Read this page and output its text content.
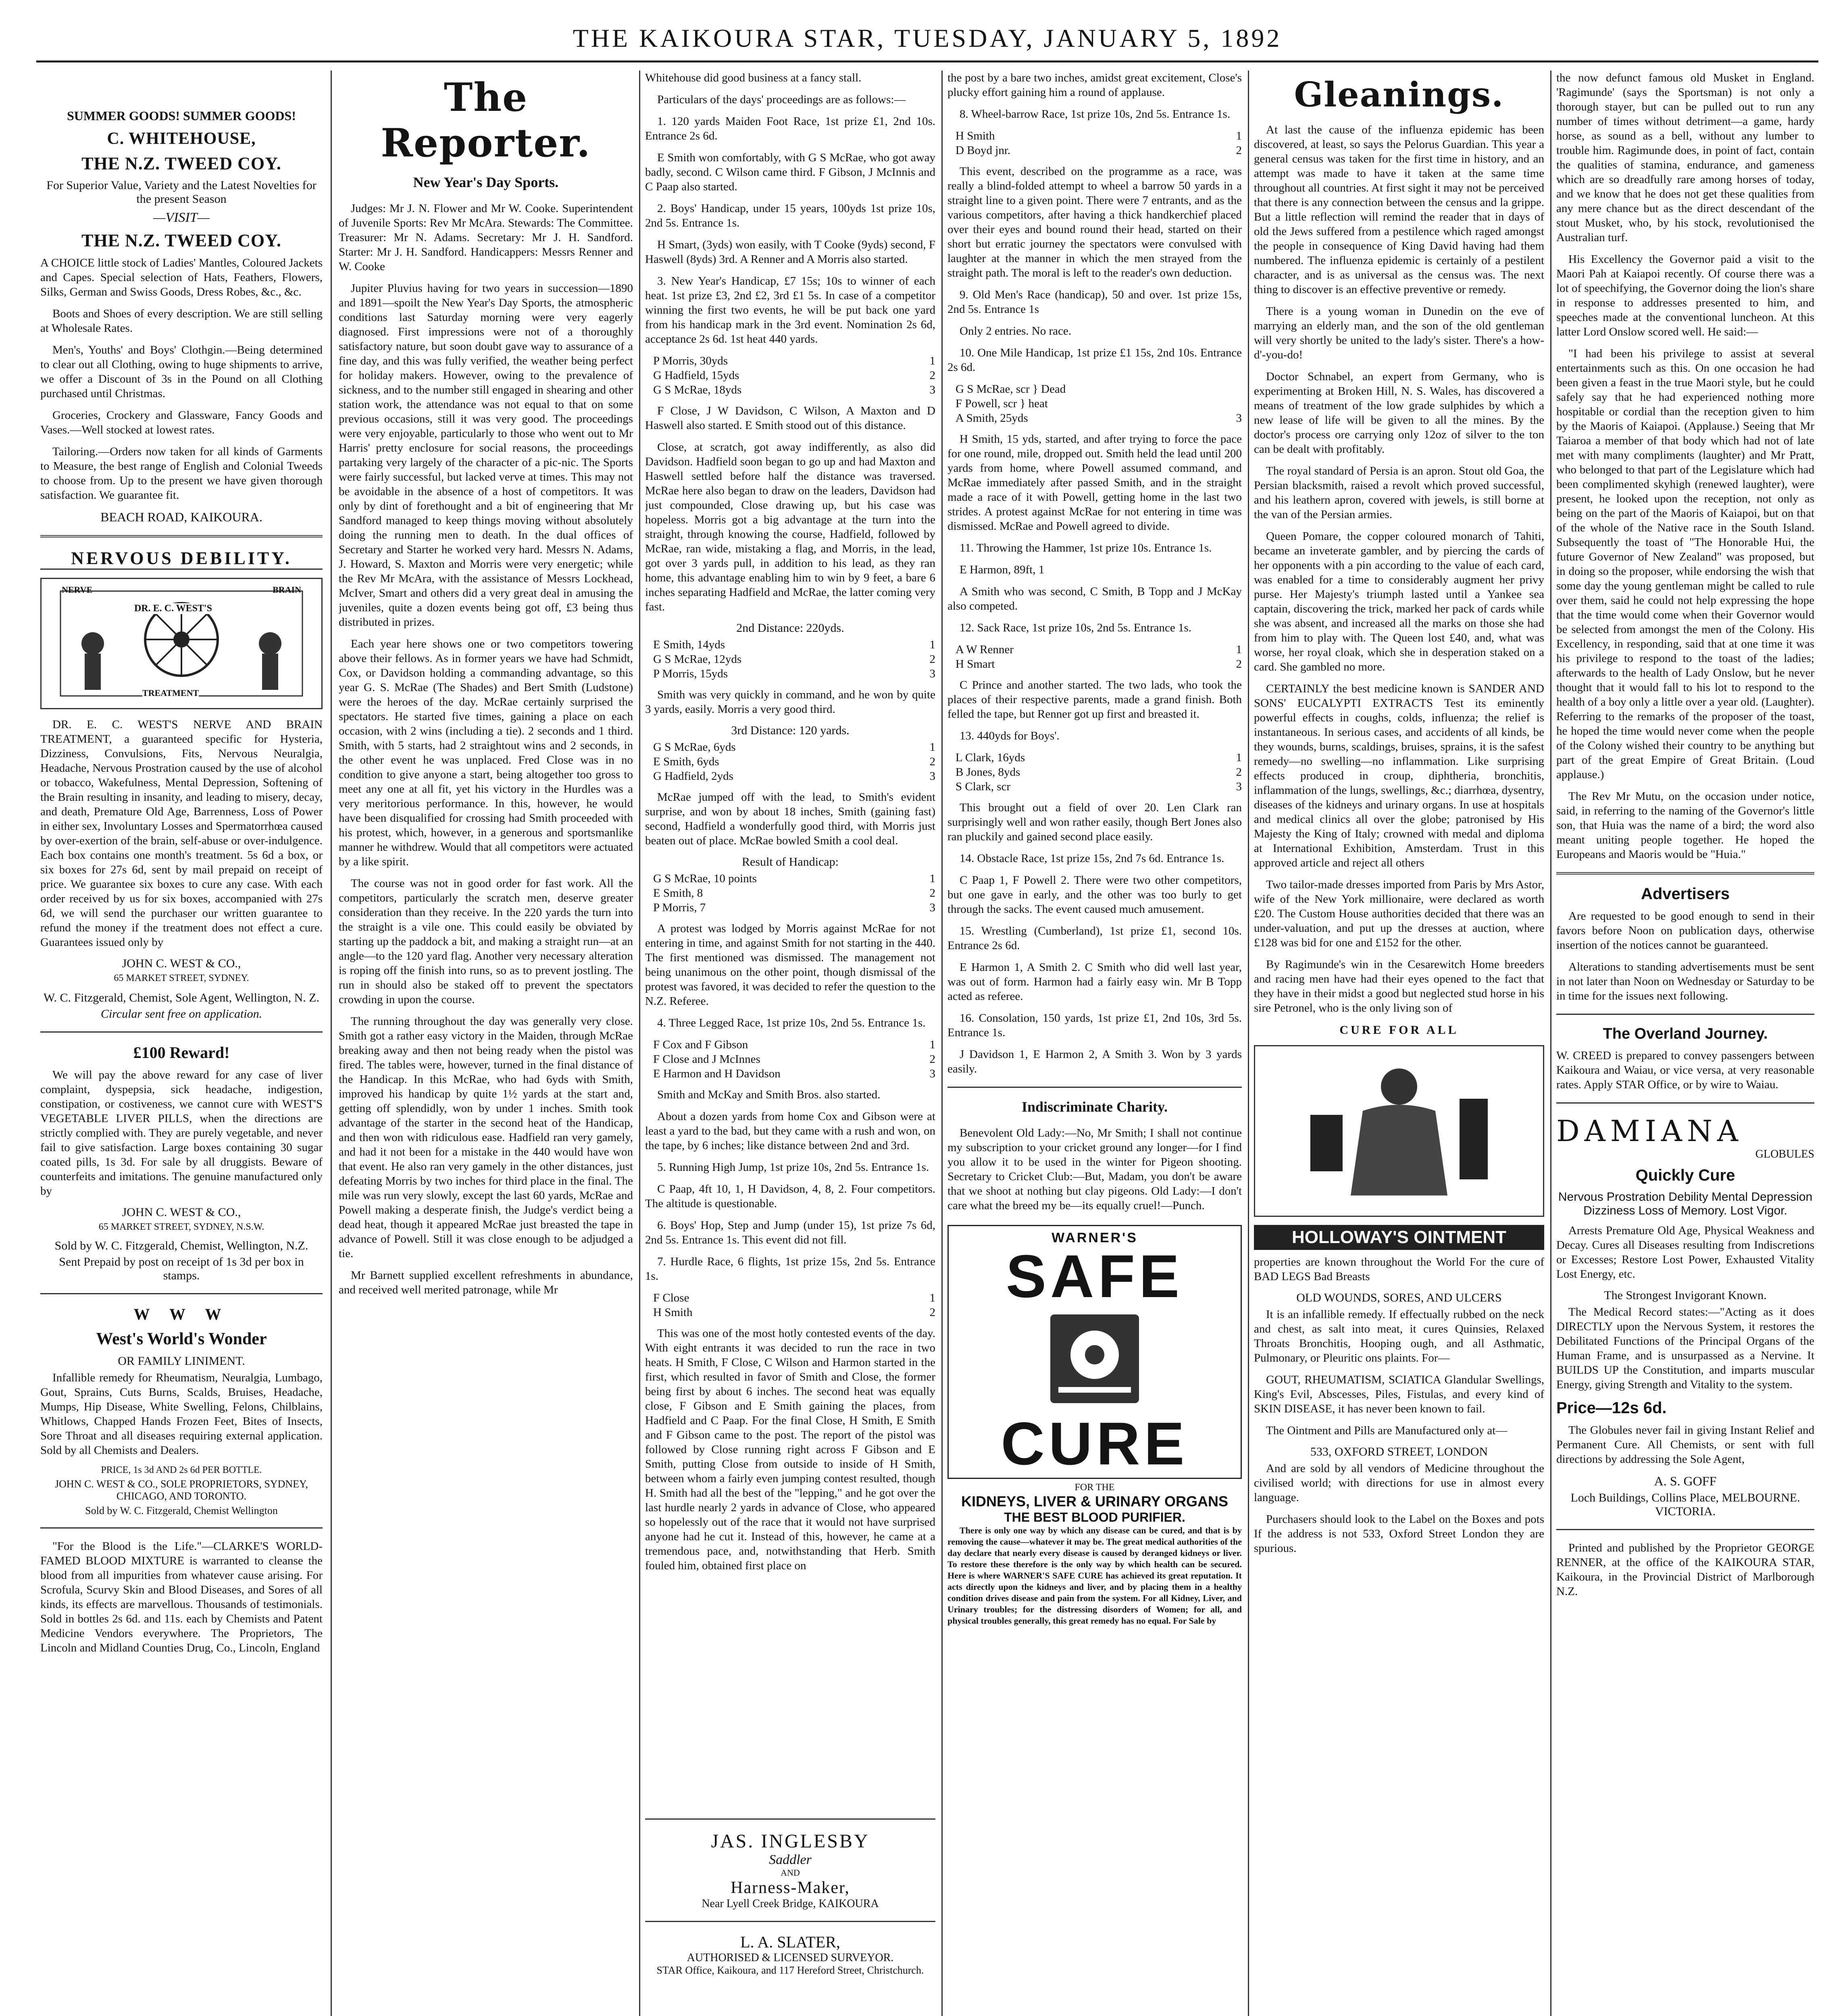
THE KAIKOURA STAR, TUESDAY, JANUARY 5, 1892
SUMMER GOODS! SUMMER GOODS!
C. WHITEHOUSE,
THE N.Z. TWEED COY.
For Superior Value, Variety and the Latest Novelties for the present Season
—VISIT—
THE N.Z. TWEED COY.

A CHOICE little stock of Ladies' Mantles, Coloured Jackets and Capes. Special selection of Hats, Feathers, Flowers, Silks, German and Swiss Goods, Dress Robes, &c., &c.

Boots and Shoes of every description. We are still selling at Wholesale Rates.

Men's, Youths' and Boys' Clothgin.—Being determined to clear out all Clothing, owing to huge shipments to arrive, we offer a Discount of 3s in the Pound on all Clothing purchased until Christmas.

Groceries, Crockery and Glassware, Fancy Goods and Vases.—Well stocked at lowest rates.

Tailoring.—Orders now taken for all kinds of Garments to Measure, the best range of English and Colonial Tweeds to choose from. Up to the present we have given thorough satisfaction. We guarantee fit.

BEACH ROAD, KAIKOURA.
NERVOUS DEBILITY.
NERVE
DR. E. C. WEST'S
BRAIN
TREATMENT

DR. E. C. WEST'S NERVE AND BRAIN TREATMENT, a guaranteed specific for Hysteria, Dizziness, Convulsions, Fits, Nervous Neuralgia, Headache, Nervous Prostration caused by the use of alcohol or tobacco, Wakefulness, Mental Depression, Softening of the Brain resulting in insanity, and leading to misery, decay, and death, Premature Old Age, Barrenness, Loss of Power in either sex, Involuntary Losses and Spermatorrhœa caused by over-exertion of the brain, self-abuse or over-indulgence. Each box contains one month's treatment. 5s 6d a box, or six boxes for 27s 6d, sent by mail prepaid on receipt of price. We guarantee six boxes to cure any case. With each order received by us for six boxes, accompanied with 27s 6d, we will send the purchaser our written guarantee to refund the money if the treatment does not effect a cure. Guarantees issued only by

JOHN C. WEST & CO.,
65 MARKET STREET, SYDNEY.
W. C. Fitzgerald, Chemist, Sole Agent, Wellington, N. Z.
Circular sent free on application.
£100 Reward!

We will pay the above reward for any case of liver complaint, dyspepsia, sick headache, indigestion, constipation, or costiveness, we cannot cure with WEST'S VEGETABLE LIVER PILLS, when the directions are strictly complied with. They are purely vegetable, and never fail to give satisfaction. Large boxes containing 30 sugar coated pills, 1s 3d. For sale by all druggists. Beware of counterfeits and imitations. The genuine manufactured only by

JOHN C. WEST & CO.,
65 MARKET STREET, SYDNEY, N.S.W.
Sold by W. C. Fitzgerald, Chemist, Wellington, N.Z.
Sent Prepaid by post on receipt of 1s 3d per box in stamps.
W W W
West's World's Wonder
OR FAMILY LINIMENT.

Infallible remedy for Rheumatism, Neuralgia, Lumbago, Gout, Sprains, Cuts Burns, Scalds, Bruises, Headache, Mumps, Hip Disease, White Swelling, Felons, Chilblains, Whitlows, Chapped Hands Frozen Feet, Bites of Insects, Sore Throat and all diseases requiring external application. Sold by all Chemists and Dealers.

PRICE, 1s 3d AND 2s 6d PER BOTTLE.
JOHN C. WEST & CO., SOLE PROPRIETORS, SYDNEY, CHICAGO, AND TORONTO.
Sold by W. C. Fitzgerald, Chemist Wellington

"For the Blood is the Life."—CLARKE'S WORLD-FAMED BLOOD MIXTURE is warranted to cleanse the blood from all impurities from whatever cause arising. For Scrofula, Scurvy Skin and Blood Diseases, and Sores of all kinds, its effects are marvellous. Thousands of testimonials. Sold in bottles 2s 6d. and 11s. each by Chemists and Patent Medicine Vendors everywhere. The Proprietors, The Lincoln and Midland Counties Drug, Co., Lincoln, England

The Reporter.
New Year's Day Sports.

Judges: Mr J. N. Flower and Mr W. Cooke. Superintendent of Juvenile Sports: Rev Mr McAra. Stewards: The Committee. Treasurer: Mr N. Adams. Secretary: Mr J. H. Sandford. Starter: Mr J. H. Sandford. Handicappers: Messrs Renner and W. Cooke

Jupiter Pluvius having for two years in succession—1890 and 1891—spoilt the New Year's Day Sports, the atmospheric conditions last Saturday morning were very eagerly diagnosed. First impressions were not of a thoroughly satisfactory nature, but soon doubt gave way to assurance of a fine day, and this was fully verified, the weather being perfect for holiday makers. However, owing to the prevalence of sickness, and to the number still engaged in shearing and other station work, the attendance was not equal to that on some previous occasions, still it was very good. The proceedings were very enjoyable, particularly to those who went out to Mr Harris' pretty enclosure for social reasons, the proceedings partaking very largely of the character of a pic-nic. The Sports were fairly successful, but lacked verve at times. This may not be avoidable in the absence of a host of competitors. It was only by dint of forethought and a bit of engineering that Mr Sandford managed to keep things moving without absolutely doing the running men to death. In the dual offices of Secretary and Starter he worked very hard. Messrs N. Adams, J. Howard, S. Maxton and Morris were very energetic; while the Rev Mr McAra, with the assistance of Messrs Lockhead, McIver, Smart and others did a very great deal in amusing the juveniles, quite a dozen events being got off, £3 being thus distributed in prizes.

Each year here shows one or two competitors towering above their fellows. As in former years we have had Schmidt, Cox, or Davidson holding a commanding advantage, so this year G. S. McRae (The Shades) and Bert Smith (Ludstone) were the heroes of the day. McRae certainly surprised the spectators. He started five times, gaining a place on each occasion, with 2 wins (including a tie). 2 seconds and 1 third. Smith, with 5 starts, had 2 straightout wins and 2 seconds, in the other event he was unplaced. Fred Close was in no condition to give anyone a start, being altogether too gross to meet any one at all fit, yet his victory in the Hurdles was a very meritorious performance. In this, however, he would have been disqualified for crossing had Smith proceeded with his protest, which, however, in a generous and sportsmanlike manner he withdrew. Would that all competitors were actuated by a like spirit.

The course was not in good order for fast work. All the competitors, particularly the scratch men, deserve greater consideration than they receive. In the 220 yards the turn into the straight is a vile one. This could easily be obviated by starting up the paddock a bit, and making a straight run—at an angle—to the 120 yard flag. Another very necessary alteration is roping off the finish into runs, so as to prevent jostling. The run in should also be staked off to prevent the spectators crowding in upon the course.

The running throughout the day was generally very close. Smith got a rather easy victory in the Maiden, through McRae breaking away and then not being ready when the pistol was fired. The tables were, however, turned in the final distance of the Handicap. In this McRae, who had 6yds with Smith, improved his handicap by quite 1½ yards at the start and, getting off splendidly, won by under 1 inches. Smith took advantage of the starter in the second heat of the Handicap, and then won with ridiculous ease. Hadfield ran very gamely, and had it not been for a mistake in the 440 would have won that event. He also ran very gamely in the other distances, just defeating Morris by two inches for third place in the final. The mile was run very slowly, except the last 60 yards, McRae and Powell making a desperate finish, the Judge's verdict being a dead heat, though it appeared McRae just breasted the tape in advance of Powell. Still it was close enough to be adjudged a tie.

Mr Barnett supplied excellent refreshments in abundance, and received well merited patronage, while Mr

Whitehouse did good business at a fancy stall.

Particulars of the days' proceedings are as follows:—

1. 120 yards Maiden Foot Race, 1st prize £1, 2nd 10s. Entrance 2s 6d.

E Smith won comfortably, with G S McRae, who got away badly, second. C Wilson came third. F Gibson, J McInnis and C Paap also started.

2. Boys' Handicap, under 15 years, 100yds 1st prize 10s, 2nd 5s. Entrance 1s.

H Smart, (3yds) won easily, with T Cooke (9yds) second, F Haswell (8yds) 3rd. A Renner and A Morris also started.

3. New Year's Handicap, £7 15s; 10s to winner of each heat. 1st prize £3, 2nd £2, 3rd £1 5s. In case of a competitor winning the first two events, he will be put back one yard from his handicap mark in the 3rd event. Nomination 2s 6d, acceptance 2s 6d. 1st heat 440 yards.

P Morris, 30yds	1
G Hadfield, 15yds	2
G S McRae, 18yds	3

F Close, J W Davidson, C Wilson, A Maxton and D Haswell also started. E Smith stood out of this distance.

Close, at scratch, got away indifferently, as also did Davidson. Hadfield soon began to go up and had Maxton and Haswell settled before half the distance was traversed. McRae here also began to draw on the leaders, Davidson had just compounded, Close drawing up, but his case was hopeless. Morris got a big advantage at the turn into the straight, through knowing the course, Hadfield, followed by McRae, ran wide, mistaking a flag, and Morris, in the lead, got over 3 yards pull, in addition to his lead, as they ran home, this advantage enabling him to win by 9 feet, a bare 6 inches separating Hadfield and McRae, the latter coming very fast.

2nd Distance: 220yds.
E Smith, 14yds	1
G S McRae, 12yds	2
P Morris, 15yds	3

Smith was very quickly in command, and he won by quite 3 yards, easily. Morris a very good third.

3rd Distance: 120 yards.
G S McRae, 6yds	1
E Smith, 6yds	2
G Hadfield, 2yds	3

McRae jumped off with the lead, to Smith's evident surprise, and won by about 18 inches, Smith (gaining fast) second, Hadfield a wonderfully good third, with Morris just beaten out of place. McRae bowled Smith a cool deal.

Result of Handicap:
G S McRae, 10 points	1
E Smith, 8	2
P Morris, 7	3

A protest was lodged by Morris against McRae for not entering in time, and against Smith for not starting in the 440. The first mentioned was dismissed. The management not being unanimous on the other point, though dismissal of the protest was favored, it was decided to refer the question to the N.Z. Referee.

4. Three Legged Race, 1st prize 10s, 2nd 5s. Entrance 1s.

F Cox and F Gibson	1
F Close and J McInnes	2
E Harmon and H Davidson	3

Smith and McKay and Smith Bros. also started.

About a dozen yards from home Cox and Gibson were at least a yard to the bad, but they came with a rush and won, on the tape, by 6 inches; like distance between 2nd and 3rd.

5. Running High Jump, 1st prize 10s, 2nd 5s. Entrance 1s.

C Paap, 4ft 10, 1, H Davidson, 4, 8, 2. Four competitors. The altitude is questionable.

6. Boys' Hop, Step and Jump (under 15), 1st prize 7s 6d, 2nd 5s. Entrance 1s. This event did not fill.

7. Hurdle Race, 6 flights, 1st prize 15s, 2nd 5s. Entrance 1s.

F Close	1
H Smith	2

This was one of the most hotly contested events of the day. With eight entrants it was decided to run the race in two heats. H Smith, F Close, C Wilson and Harmon started in the first, which resulted in favor of Smith and Close, the former being first by about 6 inches. The second heat was equally close, F Gibson and E Smith gaining the places, from Hadfield and C Paap. For the final Close, H Smith, E Smith and F Gibson came to the post. The report of the pistol was followed by Close running right across F Gibson and E Smith, putting Close from outside to inside of H Smith, between whom a fairly even jumping contest resulted, though H. Smith had all the best of the "lepping," and he got over the last hurdle nearly 2 yards in advance of Close, who appeared so hopelessly out of the race that it would not have surprised anyone had he cut it. Instead of this, however, he came at a tremendous pace, and, notwithstanding that Herb. Smith fouled him, obtained first place on

JAS. INGLESBY
Saddler
AND
Harness-Maker,
Near Lyell Creek Bridge, KAIKOURA
L. A. SLATER,
AUTHORISED & LICENSED SURVEYOR.
STAR Office, Kaikoura, and 117 Hereford Street, Christchurch.

the post by a bare two inches, amidst great excitement, Close's plucky effort gaining him a round of applause.

8. Wheel-barrow Race, 1st prize 10s, 2nd 5s. Entrance 1s.

H Smith	1
D Boyd jnr.	2

This event, described on the programme as a race, was really a blind-folded attempt to wheel a barrow 50 yards in a straight line to a given point. There were 7 entrants, and as the various competitors, after having a thick handkerchief placed over their eyes and bound round their head, started on their short but erratic journey the spectators were convulsed with laughter at the manner in which the men strayed from the straight path. The moral is left to the reader's own deduction.

9. Old Men's Race (handicap), 50 and over. 1st prize 15s, 2nd 5s. Entrance 1s

Only 2 entries. No race.

10. One Mile Handicap, 1st prize £1 15s, 2nd 10s. Entrance 2s 6d.

G S McRae, scr } Dead
F Powell, scr } heat
A Smith, 25yds	3

H Smith, 15 yds, started, and after trying to force the pace for one round, mile, dropped out. Smith held the lead until 200 yards from home, where Powell assumed command, and McRae immediately after passed Smith, and in the straight made a race of it with Powell, getting home in the last two strides. A protest against McRae for not entering in time was dismissed. McRae and Powell agreed to divide.

11. Throwing the Hammer, 1st prize 10s. Entrance 1s.

E Harmon, 89ft, 1

A Smith who was second, C Smith, B Topp and J McKay also competed.

12. Sack Race, 1st prize 10s, 2nd 5s. Entrance 1s.

A W Renner	1
H Smart	2

C Prince and another started. The two lads, who took the places of their respective parents, made a grand finish. Both felled the tape, but Renner got up first and breasted it.

13. 440yds for Boys'.

L Clark, 16yds	1
B Jones, 8yds	2
S Clark, scr	3

This brought out a field of over 20. Len Clark ran surprisingly well and won rather easily, though Bert Jones also ran pluckily and gained second place easily.

14. Obstacle Race, 1st prize 15s, 2nd 7s 6d. Entrance 1s.

C Paap 1, F Powell 2. There were two other competitors, but one gave in early, and the other was too burly to get through the sacks. The event caused much amusement.

15. Wrestling (Cumberland), 1st prize £1, second 10s. Entrance 2s 6d.

E Harmon 1, A Smith 2. C Smith who did well last year, was out of form. Harmon had a fairly easy win. Mr B Topp acted as referee.

16. Consolation, 150 yards, 1st prize £1, 2nd 10s, 3rd 5s. Entrance 1s.

J Davidson 1, E Harmon 2, A Smith 3. Won by 3 yards easily.

Indiscriminate Charity.

Benevolent Old Lady:—No, Mr Smith; I shall not continue my subscription to your cricket ground any longer—for I find you allow it to be used in the winter for Pigeon shooting. Secretary to Cricket Club:—But, Madam, you don't be aware that we shoot at nothing but clay pigeons. Old Lady:—I don't care what the breed my be—its equally cruel!—Punch.

WARNER'S
SAFE
CURE
FOR THE
KIDNEYS, LIVER & URINARY ORGANS
THE BEST BLOOD PURIFIER.

There is only one way by which any disease can be cured, and that is by removing the cause—whatever it may be. The great medical authorities of the day declare that nearly every disease is caused by deranged kidneys or liver. To restore these therefore is the only way by which health can be secured. Here is where WARNER'S SAFE CURE has achieved its great reputation. It acts directly upon the kidneys and liver, and by placing them in a healthy condition drives disease and pain from the system. For all Kidney, Liver, and Urinary troubles; for the distressing disorders of Women; for all, and physical troubles generally, this great remedy has no equal. For Sale by

Gleanings.

At last the cause of the influenza epidemic has been discovered, at least, so says the Pelorus Guardian. This year a general census was taken for the first time in history, and an attempt was made to have it taken at the same time throughout all countries. At first sight it may not be perceived that there is any connection between the census and la grippe. But a little reflection will remind the reader that in days of old the Jews suffered from a pestilence which raged amongst the people in consequence of King David having had them numbered. The influenza epidemic is certainly of a pestilent character, and is as universal as the census was. The next thing to discover is an effective preventive or remedy.

There is a young woman in Dunedin on the eve of marrying an elderly man, and the son of the old gentleman will very shortly be united to the lady's sister. There's a how-d'-you-do!

Doctor Schnabel, an expert from Germany, who is experimenting at Broken Hill, N. S. Wales, has discovered a means of treatment of the low grade sulphides by which a new lease of life will be given to all the mines. By the doctor's process ore carrying only 12oz of silver to the ton can be dealt with profitably.

The royal standard of Persia is an apron. Stout old Goa, the Persian blacksmith, raised a revolt which proved successful, and his leathern apron, covered with jewels, is still borne at the van of the Persian armies.

Queen Pomare, the copper coloured monarch of Tahiti, became an inveterate gambler, and by piercing the cards of her opponents with a pin according to the value of each card, was enabled for a time to considerably augment her privy purse. Her Majesty's triumph lasted until a Yankee sea captain, discovering the trick, marked her pack of cards while she was absent, and increased all the marks on those she had from him to play with. The Queen lost £40, and, what was worse, her royal cloak, which she in desperation staked on a card. She gambled no more.

CERTAINLY the best medicine known is SANDER AND SONS' EUCALYPTI EXTRACTS Test its eminently powerful effects in coughs, colds, influenza; the relief is instantaneous. In serious cases, and accidents of all kinds, be they wounds, burns, scaldings, bruises, sprains, it is the safest remedy—no swelling—no inflammation. Like surprising effects produced in croup, diphtheria, bronchitis, inflammation of the lungs, swellings, &c.; diarrhœa, dysentry, diseases of the kidneys and urinary organs. In use at hospitals and medical clinics all over the globe; patronised by His Majesty the King of Italy; crowned with medal and diploma at International Exhibition, Amsterdam. Trust in this approved article and reject all others

Two tailor-made dresses imported from Paris by Mrs Astor, wife of the New York millionaire, were declared as worth £20. The Custom House authorities decided that there was an under-valuation, and put up the dresses at auction, where £128 was bid for one and £152 for the other.

By Ragimunde's win in the Cesarewitch Home breeders and racing men have had their eyes opened to the fact that they have in their midst a good but neglected stud horse in his sire Petronel, who is the only living son of

CURE FOR ALL
HOLLOWAY'S OINTMENT

properties are known throughout the World For the cure of BAD LEGS Bad Breasts

OLD WOUNDS, SORES, AND ULCERS

It is an infallible remedy. If effectually rubbed on the neck and chest, as salt into meat, it cures Quinsies, Relaxed Throats Bronchitis, Hooping ough, and all Asthmatic, Pulmonary, or Pleuritic ons plaints. For—

GOUT, RHEUMATISM, SCIATICA Glandular Swellings, King's Evil, Abscesses, Piles, Fistulas, and every kind of SKIN DISEASE, it has never been known to fail.

The Ointment and Pills are Manufactured only at—

533, OXFORD STREET, LONDON

And are sold by all vendors of Medicine throughout the civilised world; with directions for use in almost every language.

Purchasers should look to the Label on the Boxes and pots If the address is not 533, Oxford Street London they are spurious.

the now defunct famous old Musket in England. 'Ragimunde' (says the Sportsman) is not only a thorough stayer, but can be pulled out to run any number of times without detriment—a game, hardy horse, as sound as a bell, without any lumber to trouble him. Ragimunde does, in point of fact, contain the qualities of stamina, endurance, and gameness which are so dreadfully rare among horses of today, and we know that he does not get these qualities from any mere chance but as the direct descendant of the stout Musket, who, by his stock, revolutionised the Australian turf.

His Excellency the Governor paid a visit to the Maori Pah at Kaiapoi recently. Of course there was a lot of speechifying, the Governor doing the lion's share in response to addresses presented to him, and speeches made at the conventional luncheon. At this latter Lord Onslow scored well. He said:—

"I had been his privilege to assist at several entertainments such as this. On one occasion he had been given a feast in the true Maori style, but he could safely say that he had experienced nothing more hospitable or cordial than the reception given to him by the Maoris of Kaiapoi. (Applause.) Seeing that Mr Taiaroa a member of that body which had not of late met with many compliments (laughter) and Mr Pratt, who belonged to that part of the Legislature which had been complimented skyhigh (renewed laughter), were present, he looked upon the reception, not only as being on the part of the Maoris of Kaiapoi, but on that of the whole of the Native race in the South Island. Subsequently the toast of "The Honorable Hui, the future Governor of New Zealand" was proposed, but in doing so the proposer, while endorsing the wish that some day the young gentleman might be called to rule over them, said he could not help expressing the hope that the time would come when their Governor would be selected from amongst the men of the Colony. His Excellency, in responding, said that at one time it was his privilege to respond to the toast of the ladies; afterwards to the health of Lady Onslow, but he never thought that it would fall to his lot to respond to the health of a boy only a little over a year old. (Laughter). Referring to the remarks of the proposer of the toast, he hoped the time would never come when the people of the Colony wished their country to be anything but part of the great Empire of Great Britain. (Loud applause.)

The Rev Mr Mutu, on the occasion under notice, said, in referring to the naming of the Governor's little son, that Huia was the name of a bird; the word also meant uniting people together. He hoped the Europeans and Maoris would be "Huia."

Advertisers

Are requested to be good enough to send in their favors before Noon on publication days, otherwise insertion of the notices cannot be guaranteed.

Alterations to standing advertisements must be sent in not later than Noon on Wednesday or Saturday to be in time for the issues next following.

The Overland Journey.

W. CREED is prepared to convey passengers between Kaikoura and Waiau, or vice versa, at very reasonable rates. Apply STAR Office, or by wire to Waiau.

DAMIANA
GLOBULES
Quickly Cure
Nervous Prostration Debility Mental Depression Dizziness Loss of Memory. Lost Vigor.

Arrests Premature Old Age, Physical Weakness and Decay. Cures all Diseases resulting from Indiscretions or Excesses; Restore Lost Power, Exhausted Vitality Lost Energy, etc.

The Strongest Invigorant Known.

The Medical Record states:—"Acting as it does DIRECTLY upon the Nervous System, it restores the Debilitated Functions of the Principal Organs of the Human Frame, and is unsurpassed as a Nervine. It BUILDS UP the Constitution, and imparts muscular Energy, giving Strength and Vitality to the system.

Price—12s 6d.

The Globules never fail in giving Instant Relief and Permanent Cure. All Chemists, or sent with full directions by addressing the Sole Agent,

A. S. GOFF
Loch Buildings, Collins Place, MELBOURNE. VICTORIA.

Printed and published by the Proprietor GEORGE RENNER, at the office of the KAIKOURA STAR, Kaikoura, in the Provincial District of Marlborough N.Z.
